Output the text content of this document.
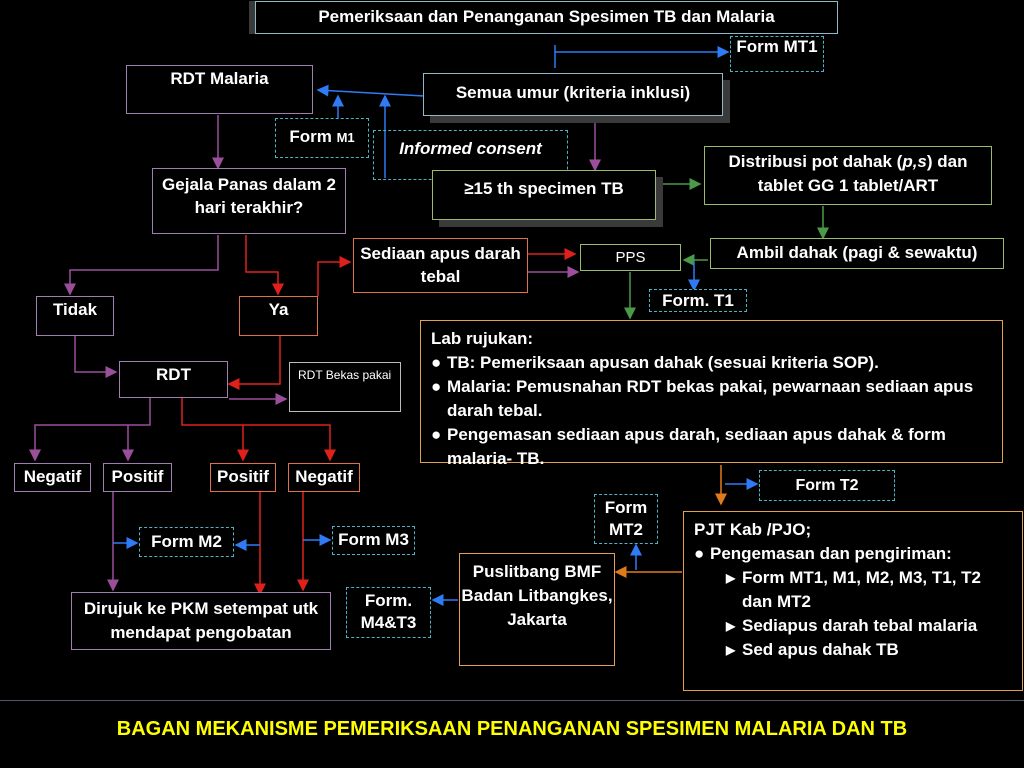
Pemeriksaan dan Penanganan Spesimen TB dan Malaria
Form MT1
RDT Malaria
Semua umur (kriteria inklusi)
Form M1
Informed consent
Distribusi pot dahak (p,s) dan tablet GG 1 tablet/ART
Gejala Panas dalam 2 hari terakhir?
≥15 th specimen TB
Sediaan apus darah tebal
PPS	Ambil dahak (pagi & sewaktu)
Tidak	Ya	Form. T1
RDT	RDT Bekas pakai
Lab rujukan:
● TB: Pemeriksaan apusan dahak (sesuai kriteria SOP).
● Malaria: Pemusnahan RDT bekas pakai, pewarnaan sediaan apus darah tebal.
● Pengemasan sediaan apus darah, sediaan apus dahak & form malaria- TB.
Negatif	Positif	Positif	Negatif	Form T2
Form MT2	PJT Kab /PJO;
● Pengemasan dan pengiriman:
▶ Form MT1, M1, M2, M3, T1, T2 dan MT2
▶ Sediapus darah tebal malaria
▶ Sed apus dahak TB
Form M2	Form M3
Form. M4&T3
Puslitbang BMF Badan Litbangkes, Jakarta
Dirujuk ke PKM setempat utk mendapat pengobatan
BAGAN MEKANISME PEMERIKSAAN PENANGANAN SPESIMEN MALARIA DAN TB
